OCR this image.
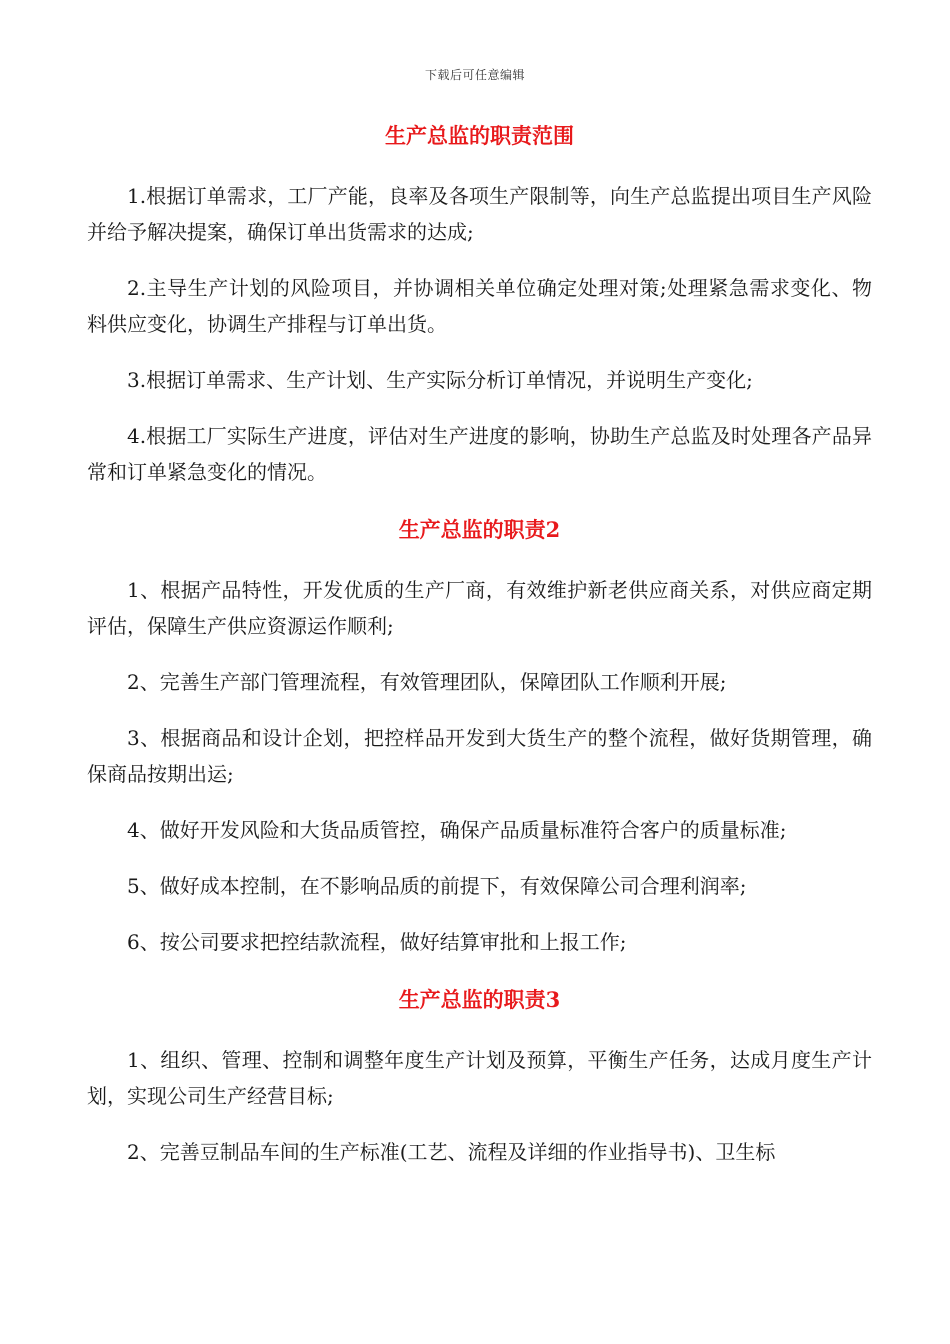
下载后可任意编辑
生产总监的职责范围

1.根据订单需求，工厂产能，良率及各项生产限制等，向生产总监提出项目生产风险并给予解决提案，确保订单出货需求的达成;

2.主导生产计划的风险项目，并协调相关单位确定处理对策;处理紧急需求变化、物料供应变化，协调生产排程与订单出货。

3.根据订单需求、生产计划、生产实际分析订单情况，并说明生产变化;

4.根据工厂实际生产进度，评估对生产进度的影响，协助生产总监及时处理各产品异常和订单紧急变化的情况。

生产总监的职责2

1、根据产品特性，开发优质的生产厂商，有效维护新老供应商关系，对供应商定期评估，保障生产供应资源运作顺利;

2、完善生产部门管理流程，有效管理团队，保障团队工作顺利开展;

3、根据商品和设计企划，把控样品开发到大货生产的整个流程，做好货期管理，确保商品按期出运;

4、做好开发风险和大货品质管控，确保产品质量标准符合客户的质量标准;

5、做好成本控制，在不影响品质的前提下，有效保障公司合理利润率;

6、按公司要求把控结款流程，做好结算审批和上报工作;

生产总监的职责3

1、组织、管理、控制和调整年度生产计划及预算，平衡生产任务，达成月度生产计划，实现公司生产经营目标;

2、完善豆制品车间的生产标准(工艺、流程及详细的作业指导书)、卫生标
